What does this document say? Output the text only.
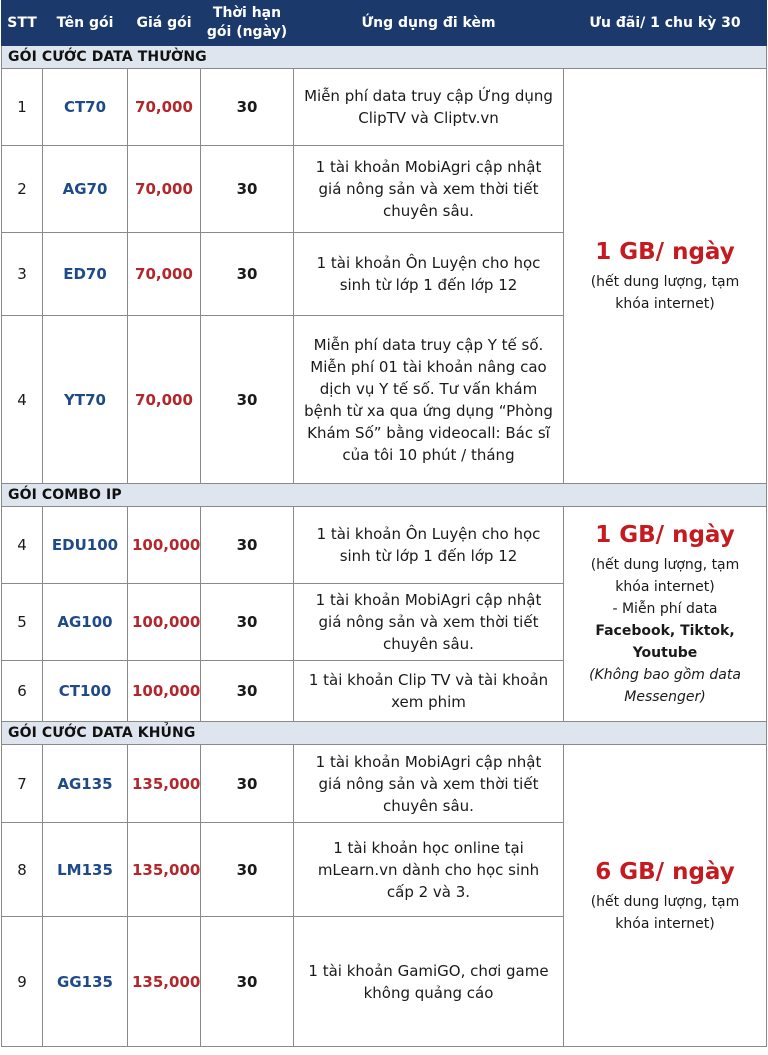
STT	Tên gói	Giá gói	Thời hạn gói (ngày)	Ứng dụng đi kèm	Ưu đãi/ 1 chu kỳ 30
GÓI CƯỚC DATA THƯỜNG					
1	CT70	70,000	30	Miễn phí data truy cập Ứng dụng ClipTV và Cliptv.vn	1 GB/ ngày
(hết dung lượng, tạm khóa internet)

2	AG70	70,000	30	1 tài khoản MobiAgri cập nhật giá nông sản và xem thời tiết chuyên sâu.	
3	ED70	70,000	30	1 tài khoản Ôn Luyện cho học sinh từ lớp 1 đến lớp 12	
4	YT70	70,000	30	Miễn phí data truy cập Y tế số. Miễn phí 01 tài khoản nâng cao dịch vụ Y tế số. Tư vấn khám bệnh từ xa qua ứng dụng “Phòng Khám Số” bằng videocall: Bác sĩ của tôi 10 phút / tháng	
GÓI COMBO IP					
4	EDU100	100,000	30	1 tài khoản Ôn Luyện cho học sinh từ lớp 1 đến lớp 12	1 GB/ ngày
(hết dung lượng, tạm khóa internet)
- Miễn phí data
Facebook, Tiktok, Youtube
(Không bao gồm data Messenger)

5	AG100	100,000	30	1 tài khoản MobiAgri cập nhật giá nông sản và xem thời tiết chuyên sâu.	
6	CT100	100,000	30	1 tài khoản Clip TV và tài khoản xem phim	
GÓI CƯỚC DATA KHỦNG					
7	AG135	135,000	30	1 tài khoản MobiAgri cập nhật giá nông sản và xem thời tiết chuyên sâu.	6 GB/ ngày
(hết dung lượng, tạm khóa internet)

8	LM135	135,000	30	1 tài khoản học online tại mLearn.vn dành cho học sinh cấp 2 và 3.	
9	GG135	135,000	30	1 tài khoản GamiGO, chơi game không quảng cáo	
